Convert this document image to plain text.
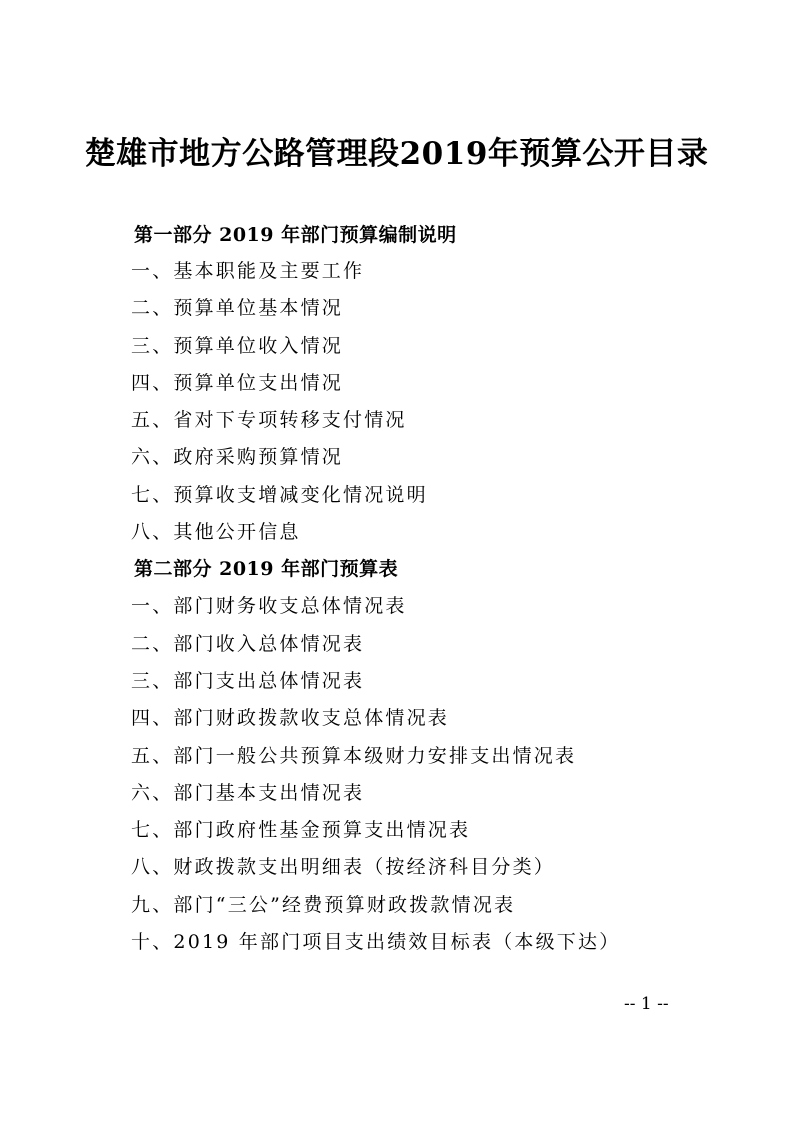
楚雄市地方公路管理段2019年预算公开目录
第一部分 2019 年部门预算编制说明
一、基本职能及主要工作
二、预算单位基本情况
三、预算单位收入情况
四、预算单位支出情况
五、省对下专项转移支付情况
六、政府采购预算情况
七、预算收支增减变化情况说明
八、其他公开信息
第二部分 2019 年部门预算表
一、部门财务收支总体情况表
二、部门收入总体情况表
三、部门支出总体情况表
四、部门财政拨款收支总体情况表
五、部门一般公共预算本级财力安排支出情况表
六、部门基本支出情况表
七、部门政府性基金预算支出情况表
八、财政拨款支出明细表（按经济科目分类）
九、部门“三公”经费预算财政拨款情况表
十、2019 年部门项目支出绩效目标表（本级下达）
-- 1 --
